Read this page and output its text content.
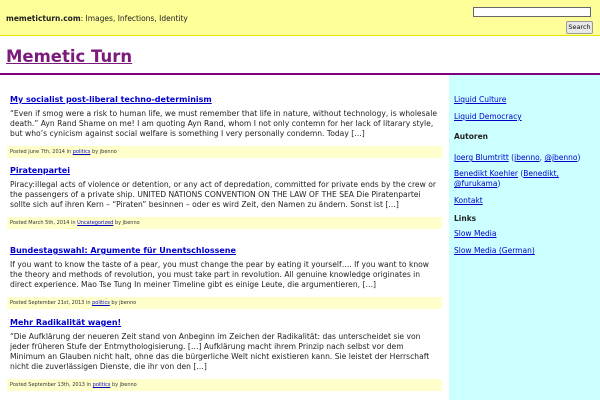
memeticturn.com: Images, Infections, Identity
Search
Memetic Turn
My socialist post-liberal techno-determinism
“Even if smog were a risk to human life, we must remember that life in nature, without technology, is wholesale death.” Ayn Rand Shame on me! I am quoting Ayn Rand, whom I not only contemn for her lack of litarary style, but who’s cynicism against social welfare is something I very personally condemn. Today […]
Posted June 7th, 2014 in politics by jbenno
Piratenpartei
Piracy:illegal acts of violence or detention, or any act of depredation, committed for private ends by the crew or the passengers of a private ship. UNITED NATIONS CONVENTION ON THE LAW OF THE SEA Die Piratenpartei sollte sich auf ihren Kern – “Piraten” besinnen – oder es wird Zeit, den Namen zu ändern. Sonst ist […]
Posted March 5th, 2014 in Uncategorized by jbenno
Bundestagswahl: Argumente für Unentschlossene
If you want to know the taste of a pear, you must change the pear by eating it yourself…. If you want to know the theory and methods of revolution, you must take part in revolution. All genuine knowledge originates in direct experience. Mao Tse Tung In meiner Timeline gibt es einige Leute, die argumentieren, […]
Posted September 21st, 2013 in politics by jbenno
Mehr Radikalität wagen!
“Die Aufklärung der neueren Zeit stand von Anbeginn im Zeichen der Radikalität: das unterscheidet sie von jeder früheren Stufe der Entmythologisierung. […] Aufklärung macht ihrem Prinzip nach selbst vor dem Minimum an Glauben nicht halt, ohne das die bürgerliche Welt nicht existieren kann. Sie leistet der Herrschaft nicht die zuverlässigen Dienste, die ihr von den […]
Posted September 13th, 2013 in politics by jbenno
Liquid Culture
Liquid Democracy
Autoren
Joerg Blumtritt (jbenno, @jbenno)
Benedikt Koehler (Benedikt,
@furukama)
Kontakt
Links
Slow Media
Slow Media (German)
